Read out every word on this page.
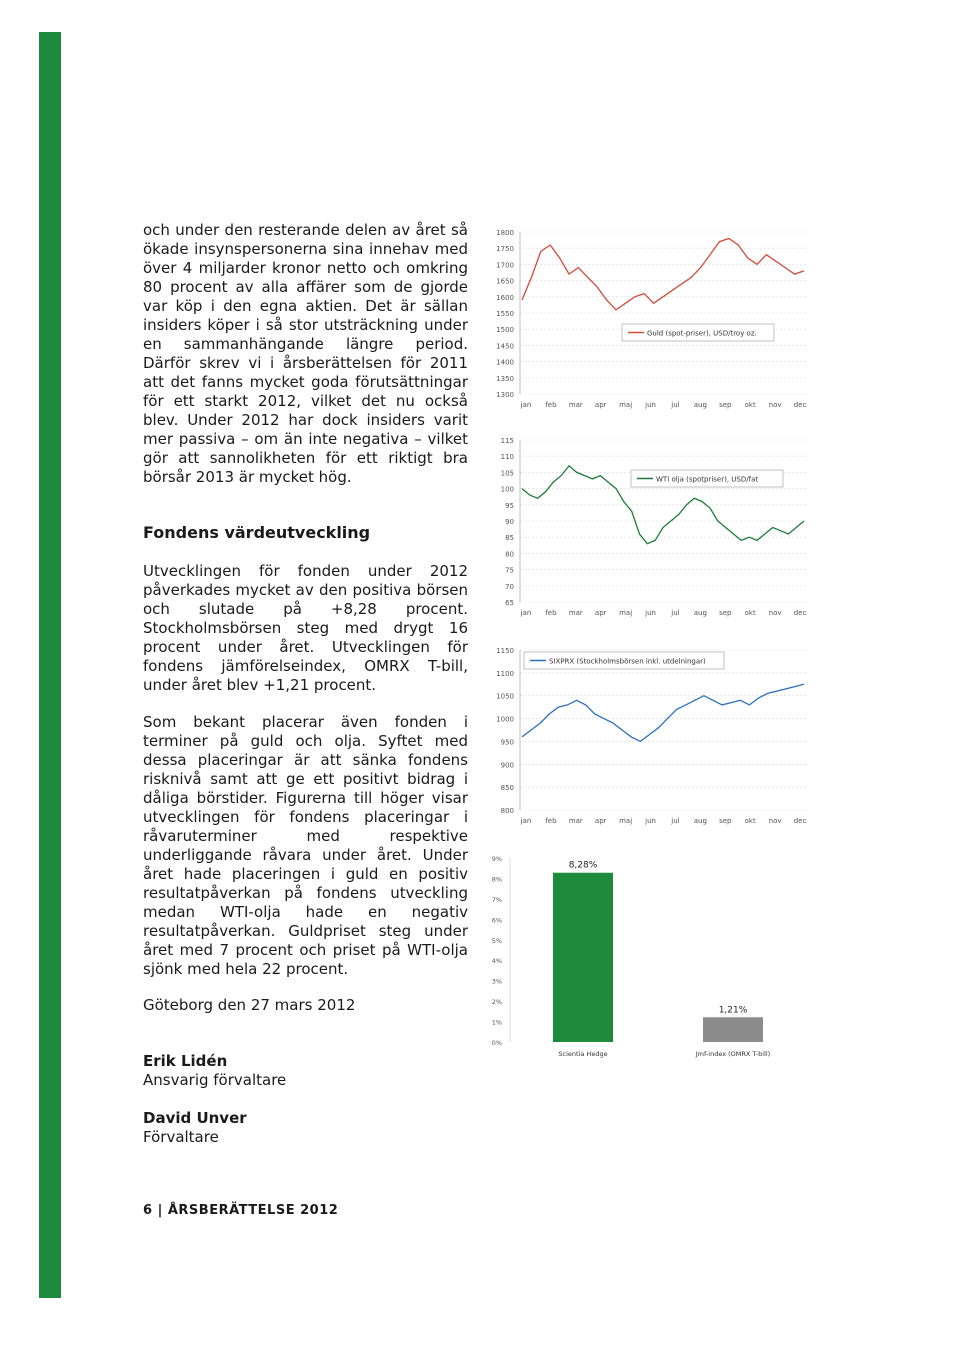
och under den resterande delen av året så ökade insynspersonerna sina innehav med över 4 miljarder kronor netto och omkring 80 procent av alla affärer som de gjorde var köp i den egna aktien. Det är sällan insiders köper i så stor utsträckning under en sammanhängande längre period. Därför skrev vi i årsberättelsen för 2011 att det fanns mycket goda förutsättningar för ett starkt 2012, vilket det nu också blev. Under 2012 har dock insiders varit mer passiva – om än inte negativa – vilket gör att sannolikheten för ett riktigt bra börsår 2013 är mycket hög.

Fondens värdeutveckling

Utvecklingen för fonden under 2012 påverkades mycket av den positiva börsen och slutade på +8,28 procent. Stockholmsbörsen steg med drygt 16 procent under året. Utvecklingen för fondens jämförelseindex, OMRX T-bill, under året blev +1,21 procent.

Som bekant placerar även fonden i terminer på guld och olja. Syftet med dessa placeringar är att sänka fondens risknivå samt att ge ett positivt bidrag i dåliga börstider. Figurerna till höger visar utvecklingen för fondens placeringar i råvaruterminer med respektive underliggande råvara under året. Under året hade placeringen i guld en positiv resultatpåverkan på fondens utveckling medan WTI-olja hade en negativ resultatpåverkan. Guldpriset steg under året med 7 procent och priset på WTI-olja sjönk med hela 22 procent.

Göteborg den 27 mars 2012

Erik Lidén
Ansvarig förvaltare
David Unver
Förvaltare
6 | ÅRSBERÄTTELSE 2012
1300
1350
1400
1450
1500
1550
1600
1650
1700
1750
1800
jan feb mar apr maj jun jul aug sep okt nov dec
Guld (spot-priser), USD/troy oz.
65
70
75
80
85
90
95
100
105
110
115
jan feb mar apr maj jun jul aug sep okt nov dec
WTI olja (spotpriser), USD/fat
800
850
900
950
1000
1050
1100
1150
jan feb mar apr maj jun jul aug sep okt nov dec
SIXPRX (Stockholmsbörsen inkl. utdelningar)
0%
1%
2%
3%
4%
5%
6%
7%
8%
9%
8,28%
Scientia Hedge
1,21%
Jmf-index (OMRX T-bill)
